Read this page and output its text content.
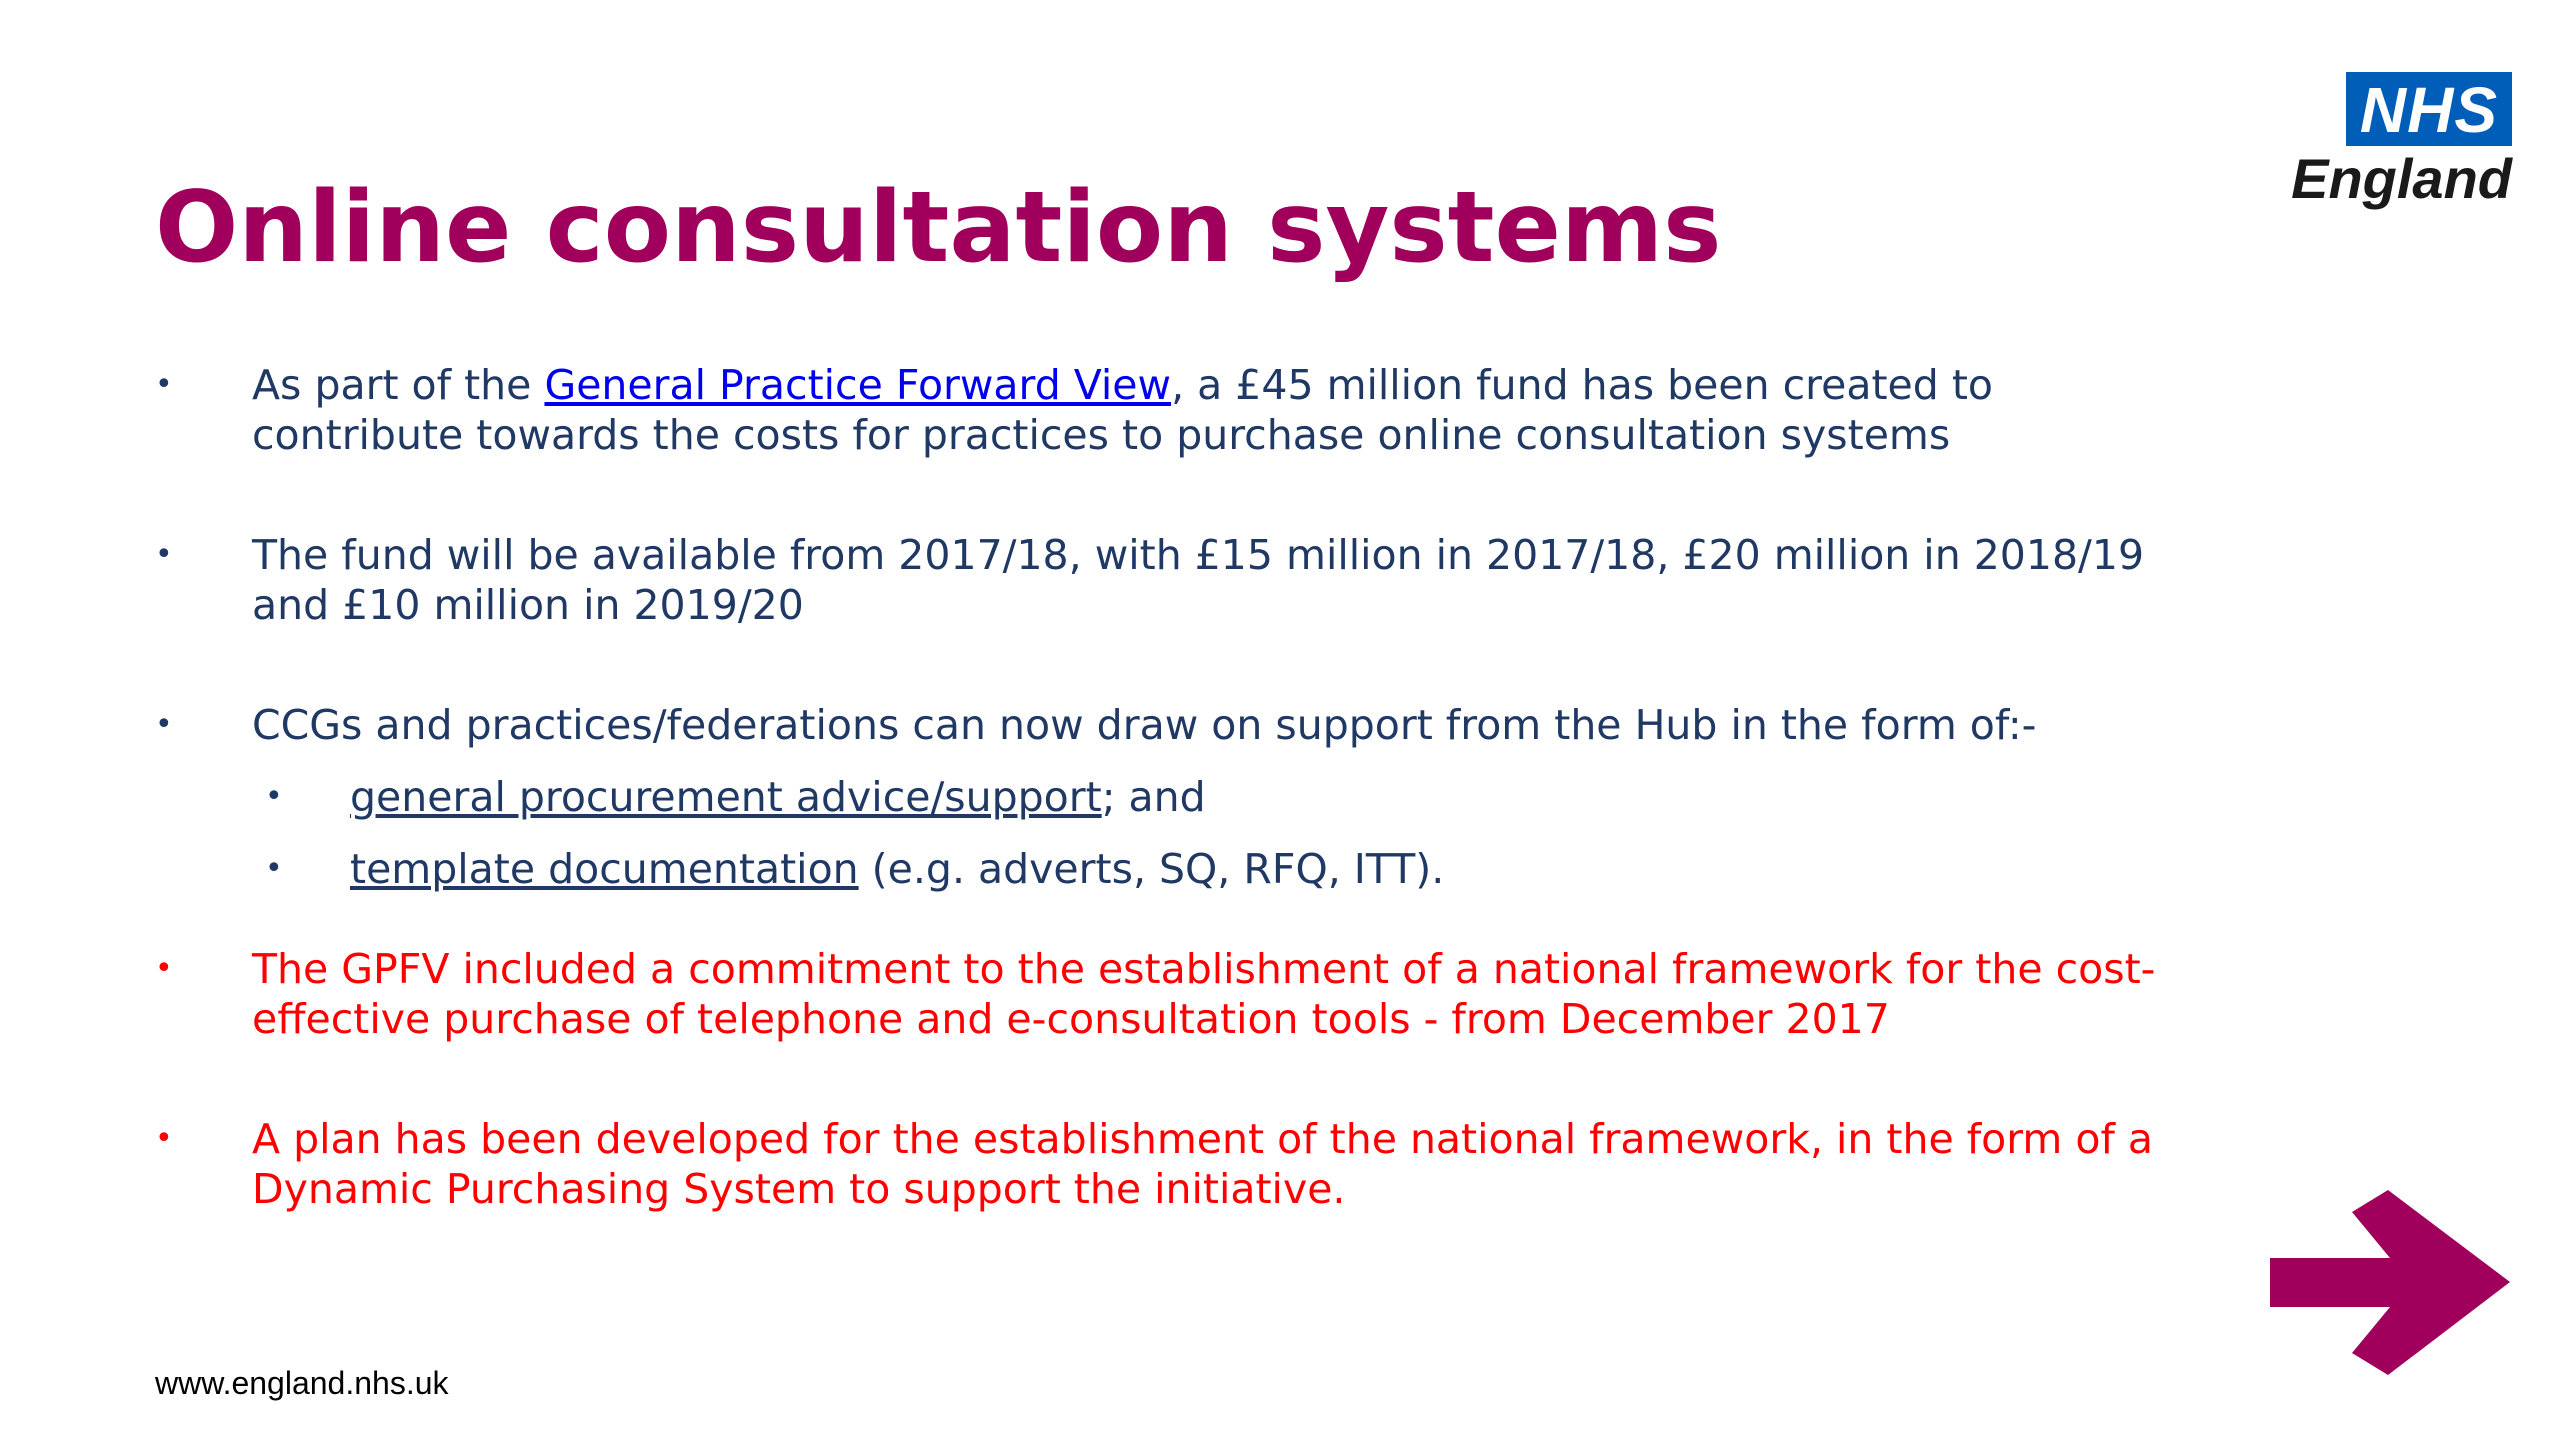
NHS
England
Online consultation systems
•	As part of the General Practice Forward View, a £45 million fund has been created to contribute towards the costs for practices to purchase online consultation systems
•	The fund will be available from 2017/18, with £15 million in 2017/18, £20 million in 2018/19 and £10 million in 2019/20
•	CCGs and practices/federations can now draw on support from the Hub in the form of:-
•	general procurement advice/support; and
•	template documentation (e.g. adverts, SQ, RFQ, ITT).
•	The GPFV included a commitment to the establishment of a national framework for the cost-effective purchase of telephone and e-consultation tools - from December 2017
•	A plan has been developed for the establishment of the national framework, in the form of a Dynamic Purchasing System to support the initiative.
www.england.nhs.uk
